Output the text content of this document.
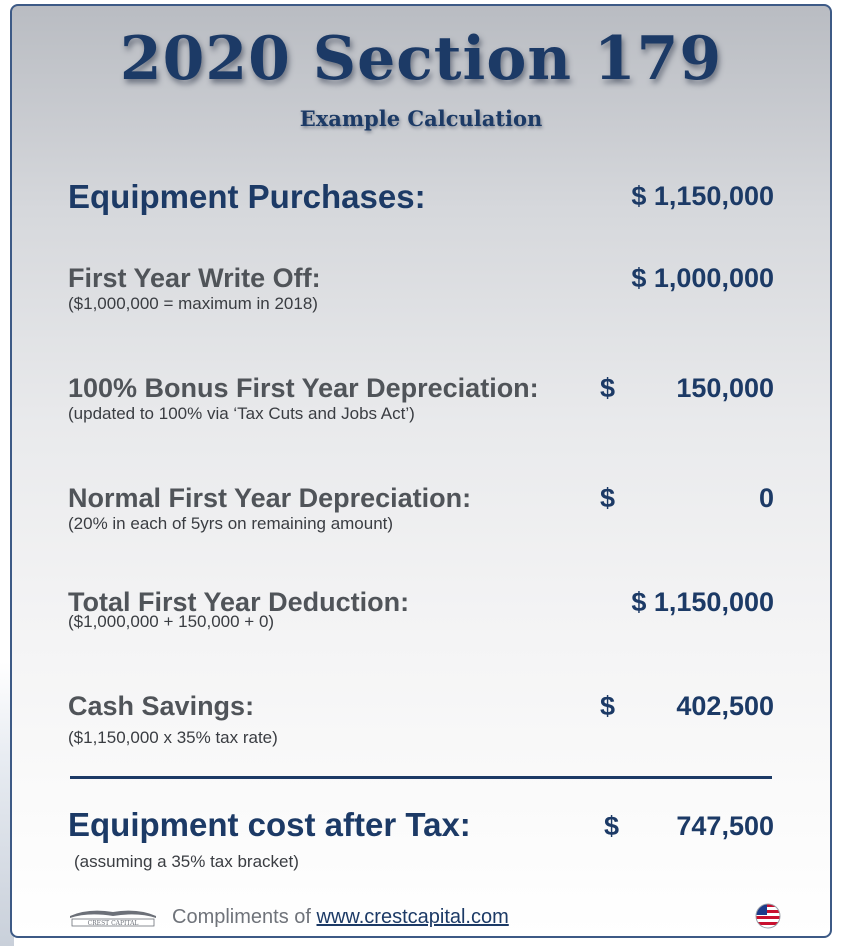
2020 Section 179
Example Calculation
Equipment Purchases:	$ 1,150,000
First Year Write Off:
($1,000,000 = maximum in 2018)
$ 1,000,000
100% Bonus First Year Depreciation:
(updated to 100% via ‘Tax Cuts and Jobs Act’)
$ 150,000
Normal First Year Depreciation:
(20% in each of 5yrs on remaining amount)
$	0
Total First Year Deduction:
($1,000,000 + 150,000 + 0)
$ 1,150,000
Cash Savings:
($1,150,000 x 35% tax rate)
$ 402,500
Equipment cost after Tax:
(assuming a 35% tax bracket)
$ 747,500
CREST CAPITAL Compliments of www.crestcapital.com
